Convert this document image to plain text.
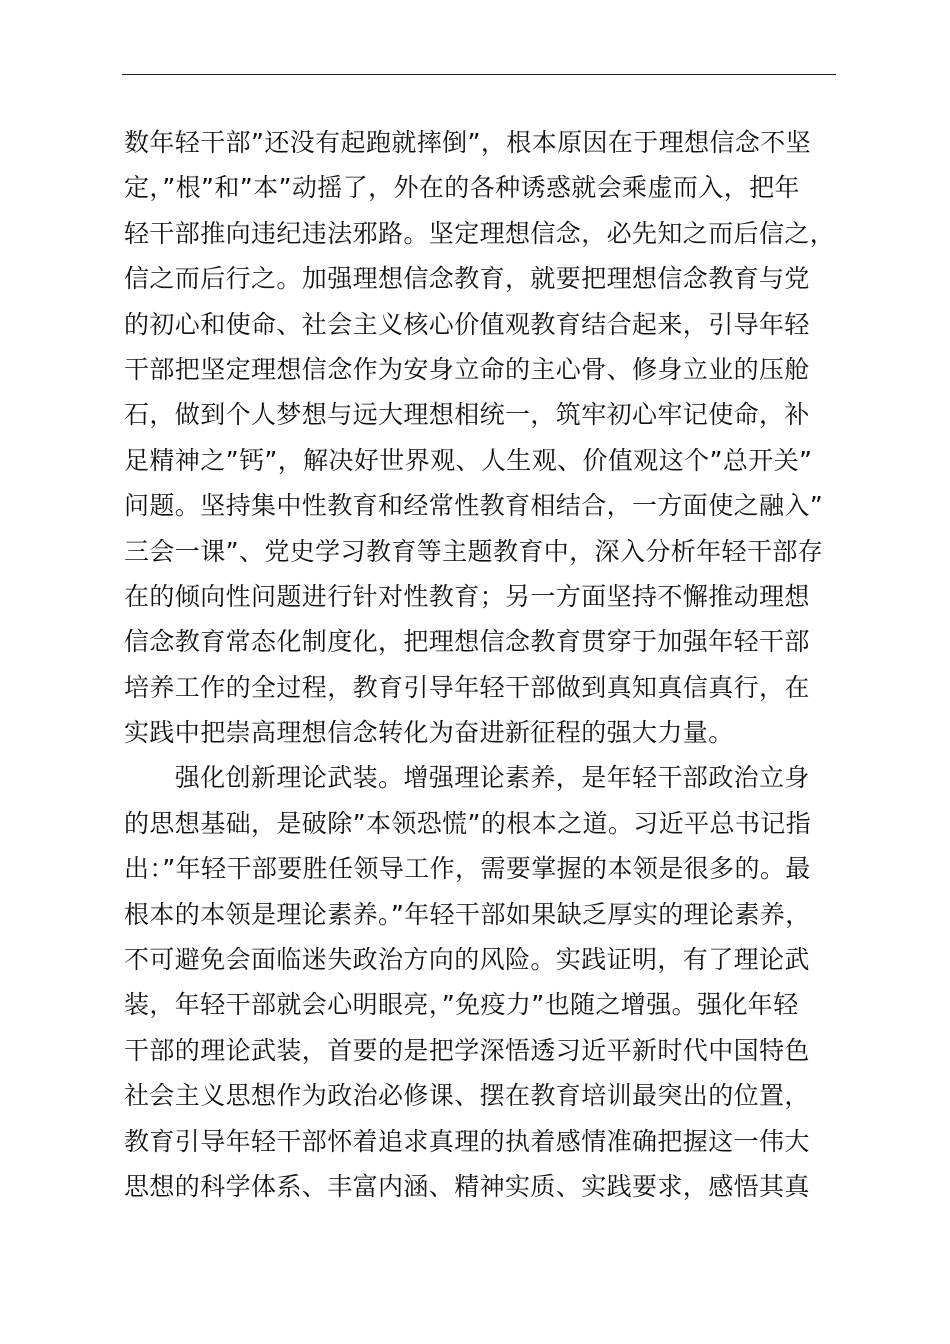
数年轻干部”还没有起跑就摔倒”，根本原因在于理想信念不坚
定，”根”和”本”动摇了，外在的各种诱惑就会乘虚而入，把年
轻干部推向违纪违法邪路。坚定理想信念，必先知之而后信之，
信之而后行之。加强理想信念教育，就要把理想信念教育与党
的初心和使命、社会主义核心价值观教育结合起来，引导年轻
干部把坚定理想信念作为安身立命的主心骨、修身立业的压舱
石，做到个人梦想与远大理想相统一，筑牢初心牢记使命，补
足精神之”钙”，解决好世界观、人生观、价值观这个”总开关”
问题。坚持集中性教育和经常性教育相结合，一方面使之融入”
三会一课”、党史学习教育等主题教育中，深入分析年轻干部存
在的倾向性问题进行针对性教育；另一方面坚持不懈推动理想
信念教育常态化制度化，把理想信念教育贯穿于加强年轻干部
培养工作的全过程，教育引导年轻干部做到真知真信真行，在
实践中把崇高理想信念转化为奋进新征程的强大力量。
　　强化创新理论武装。增强理论素养，是年轻干部政治立身
的思想基础，是破除”本领恐慌”的根本之道。习近平总书记指
出：”年轻干部要胜任领导工作，需要掌握的本领是很多的。最
根本的本领是理论素养。”年轻干部如果缺乏厚实的理论素养，
不可避免会面临迷失政治方向的风险。实践证明，有了理论武
装，年轻干部就会心明眼亮，”免疫力”也随之增强。强化年轻
干部的理论武装，首要的是把学深悟透习近平新时代中国特色
社会主义思想作为政治必修课、摆在教育培训最突出的位置，
教育引导年轻干部怀着追求真理的执着感情准确把握这一伟大
思想的科学体系、丰富内涵、精神实质、实践要求，感悟其真
